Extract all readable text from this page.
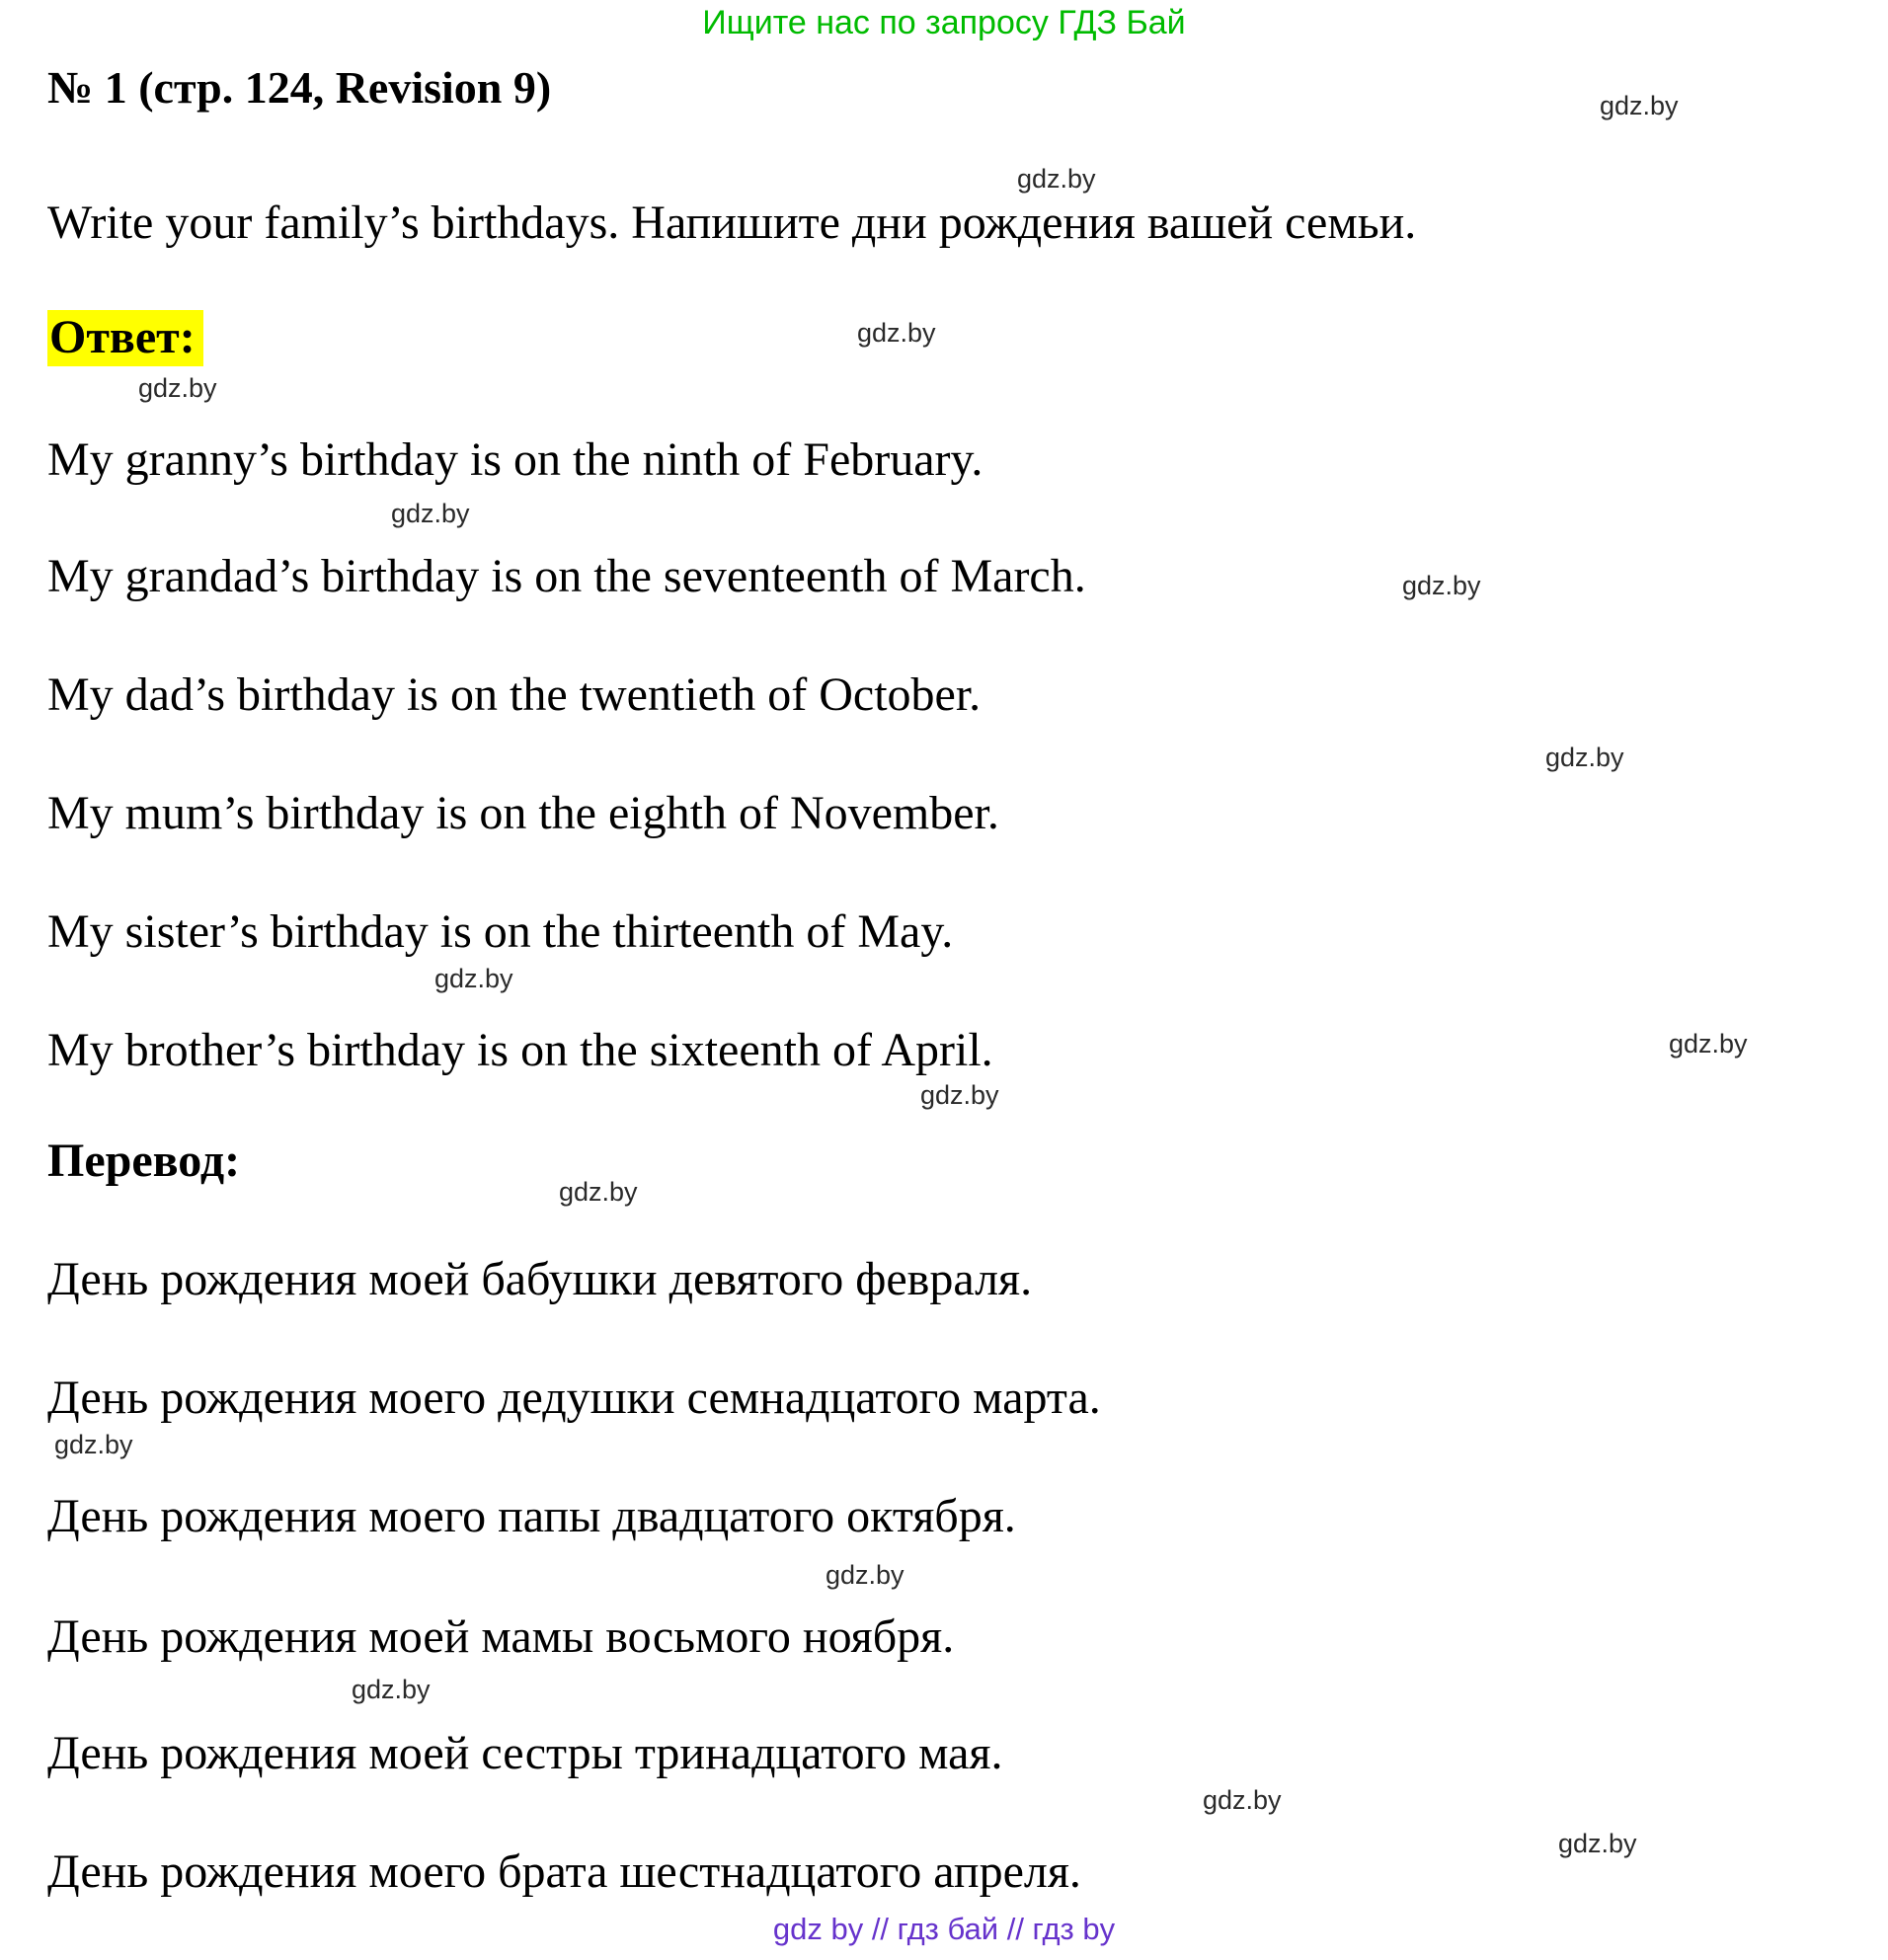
Ищите нас по запросу ГДЗ Бай
№ 1 (стр. 124, Revision 9)	gdz.by
gdz.by
gdz.by
gdz.by
gdz.by
gdz.by
gdz.by
gdz.by
gdz.by
gdz.by
gdz.by
gdz.by
gdz.by
gdz.by
gdz.by
gdz.by
Write your family’s birthdays. Напишите дни рождения вашей семьи.
Ответ:
My granny’s birthday is on the ninth of February.
My grandad’s birthday is on the seventeenth of March.
My dad’s birthday is on the twentieth of October.
My mum’s birthday is on the eighth of November.
My sister’s birthday is on the thirteenth of May.
My brother’s birthday is on the sixteenth of April.
Перевод:
День рождения моей бабушки девятого февраля.
День рождения моего дедушки семнадцатого марта.
День рождения моего папы двадцатого октября.
День рождения моей мамы восьмого ноября.
День рождения моей сестры тринадцатого мая.
День рождения моего брата шестнадцатого апреля.
gdz by // гдз бай // гдз by
